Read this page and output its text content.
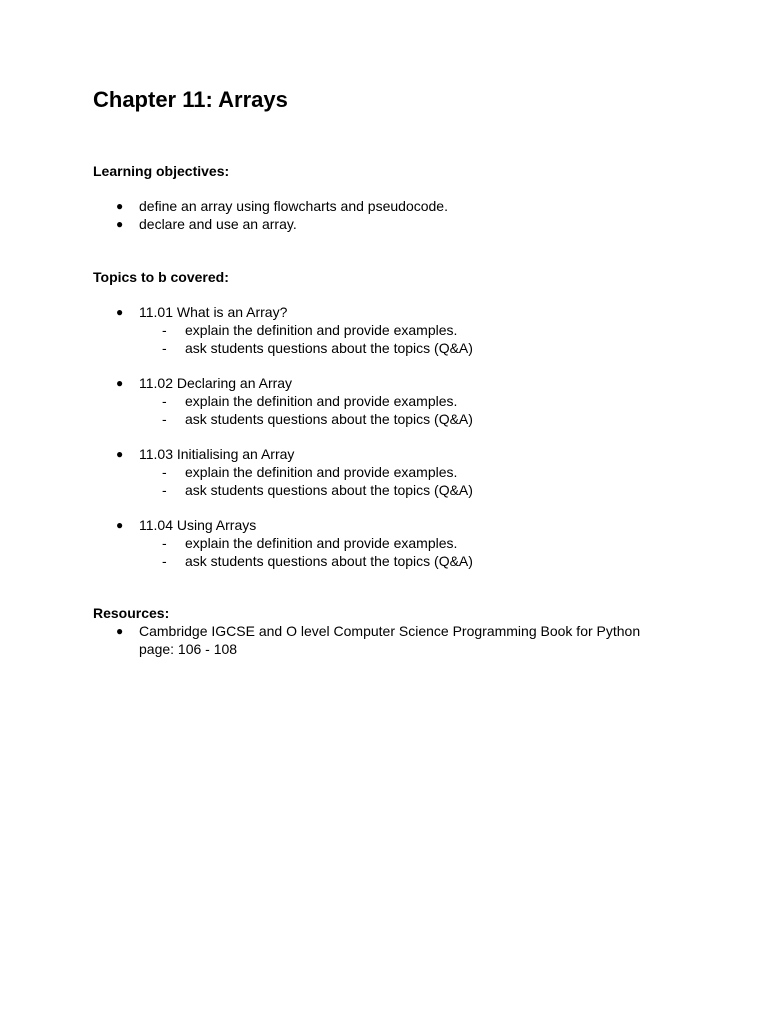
Chapter 11: Arrays
Learning objectives:
● define an array using flowcharts and pseudocode.
● declare and use an array.
Topics to b covered:
● 11.01 What is an Array?
- explain the definition and provide examples.
- ask students questions about the topics (Q&A)
● 11.02 Declaring an Array
- explain the definition and provide examples.
- ask students questions about the topics (Q&A)
● 11.03 Initialising an Array
- explain the definition and provide examples.
- ask students questions about the topics (Q&A)
● 11.04 Using Arrays
- explain the definition and provide examples.
- ask students questions about the topics (Q&A)
Resources:
● Cambridge IGCSE and O level Computer Science Programming Book for Python
page: 106 - 108
